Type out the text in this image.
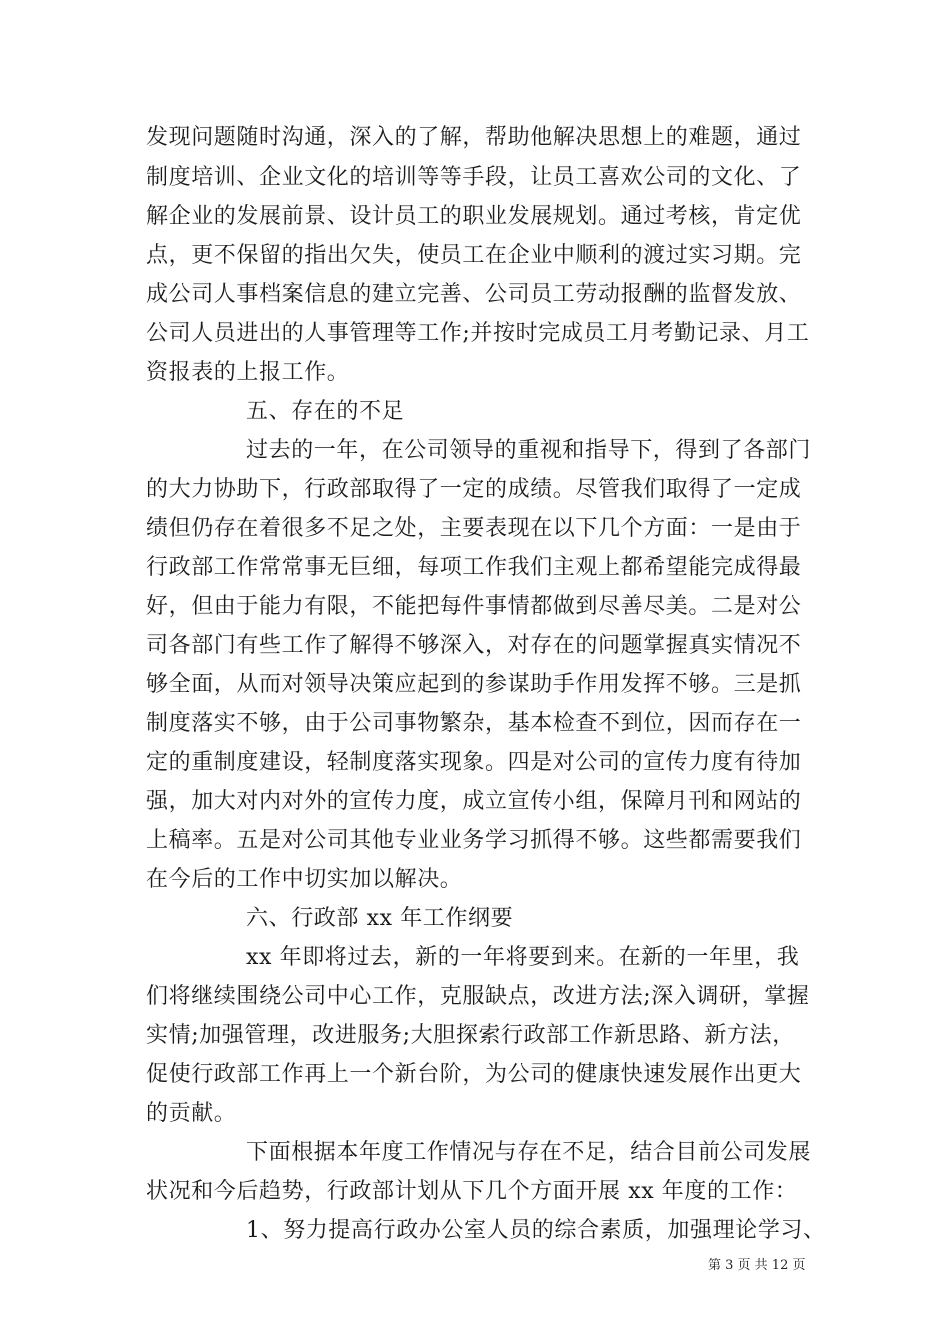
发现问题随时沟通，深入的了解，帮助他解决思想上的难题，通过
制度培训、企业文化的培训等等手段，让员工喜欢公司的文化、了
解企业的发展前景、设计员工的职业发展规划。通过考核，肯定优
点，更不保留的指出欠失，使员工在企业中顺利的渡过实习期。完
成公司人事档案信息的建立完善、公司员工劳动报酬的监督发放、
公司人员进出的人事管理等工作;并按时完成员工月考勤记录、月工
资报表的上报工作。
五、存在的不足
过去的一年，在公司领导的重视和指导下，得到了各部门
的大力协助下，行政部取得了一定的成绩。尽管我们取得了一定成
绩但仍存在着很多不足之处，主要表现在以下几个方面：一是由于
行政部工作常常事无巨细，每项工作我们主观上都希望能完成得最
好，但由于能力有限，不能把每件事情都做到尽善尽美。二是对公
司各部门有些工作了解得不够深入，对存在的问题掌握真实情况不
够全面，从而对领导决策应起到的参谋助手作用发挥不够。三是抓
制度落实不够，由于公司事物繁杂，基本检查不到位，因而存在一
定的重制度建设，轻制度落实现象。四是对公司的宣传力度有待加
强，加大对内对外的宣传力度，成立宣传小组，保障月刊和网站的
上稿率。五是对公司其他专业业务学习抓得不够。这些都需要我们
在今后的工作中切实加以解决。
六、行政部 xx 年工作纲要
xx 年即将过去，新的一年将要到来。在新的一年里，我
们将继续围绕公司中心工作，克服缺点，改进方法;深入调研，掌握
实情;加强管理，改进服务;大胆探索行政部工作新思路、新方法，
促使行政部工作再上一个新台阶，为公司的健康快速发展作出更大
的贡献。
下面根据本年度工作情况与存在不足，结合目前公司发展
状况和今后趋势，行政部计划从下几个方面开展 xx 年度的工作：
1、努力提高行政办公室人员的综合素质，加强理论学习、
第 3 页 共 12 页
